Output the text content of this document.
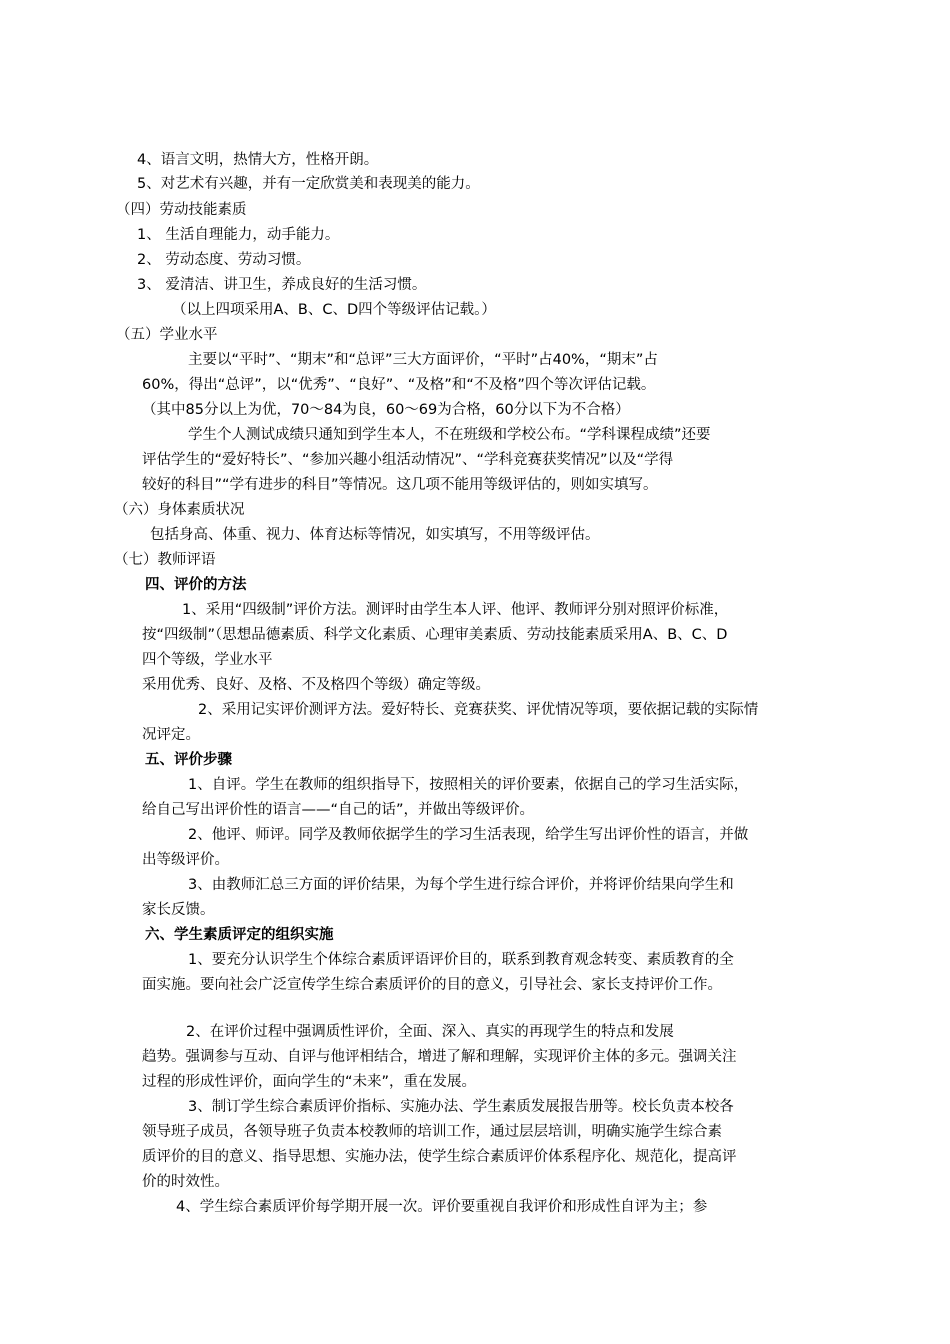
4、语言文明，热情大方，性格开朗。
5、对艺术有兴趣，并有一定欣赏美和表现美的能力。
（四）劳动技能素质
1、 生活自理能力，动手能力。
2、 劳动态度、劳动习惯。
3、 爱清洁、讲卫生，养成良好的生活习惯。
（以上四项采用A、B、C、D四个等级评估记载。）
（五）学业水平
主要以“平时”、“期末”和“总评”三大方面评价，“平时”占40%，“期末”占
60%，得出“总评”，以“优秀”、“良好”、“及格”和“不及格”四个等次评估记载。
（其中85分以上为优，70～84为良，60～69为合格，60分以下为不合格）
学生个人测试成绩只通知到学生本人，不在班级和学校公布。“学科课程成绩”还要
评估学生的“爱好特长”、“参加兴趣小组活动情况”、“学科竞赛获奖情况”以及“学得
较好的科目”“学有进步的科目”等情况。这几项不能用等级评估的，则如实填写。
（六）身体素质状况
包括身高、体重、视力、体育达标等情况，如实填写，不用等级评估。
（七）教师评语
四、评价的方法
1、采用“四级制”评价方法。测评时由学生本人评、他评、教师评分别对照评价标准，
按“四级制”（思想品德素质、科学文化素质、心理审美素质、劳动技能素质采用A、B、C、D
四个等级，学业水平
采用优秀、良好、及格、不及格四个等级）确定等级。
2、采用记实评价测评方法。爱好特长、竞赛获奖、评优情况等项，要依据记载的实际情
况评定。
五、评价步骤
1、自评。学生在教师的组织指导下，按照相关的评价要素，依据自己的学习生活实际，
给自己写出评价性的语言——“自己的话”，并做出等级评价。
2、他评、师评。同学及教师依据学生的学习生活表现，给学生写出评价性的语言，并做
出等级评价。
3、由教师汇总三方面的评价结果，为每个学生进行综合评价，并将评价结果向学生和
家长反馈。
六、学生素质评定的组织实施
1、要充分认识学生个体综合素质评语评价目的，联系到教育观念转变、素质教育的全
面实施。要向社会广泛宣传学生综合素质评价的目的意义，引导社会、家长支持评价工作。
2、在评价过程中强调质性评价，全面、深入、真实的再现学生的特点和发展
趋势。强调参与互动、自评与他评相结合，增进了解和理解，实现评价主体的多元。强调关注
过程的形成性评价，面向学生的“未来”，重在发展。
3、制订学生综合素质评价指标、实施办法、学生素质发展报告册等。校长负责本校各
领导班子成员，各领导班子负责本校教师的培训工作，通过层层培训，明确实施学生综合素
质评价的目的意义、指导思想、实施办法，使学生综合素质评价体系程序化、规范化，提高评
价的时效性。
4、学生综合素质评价每学期开展一次。评价要重视自我评价和形成性自评为主；参
